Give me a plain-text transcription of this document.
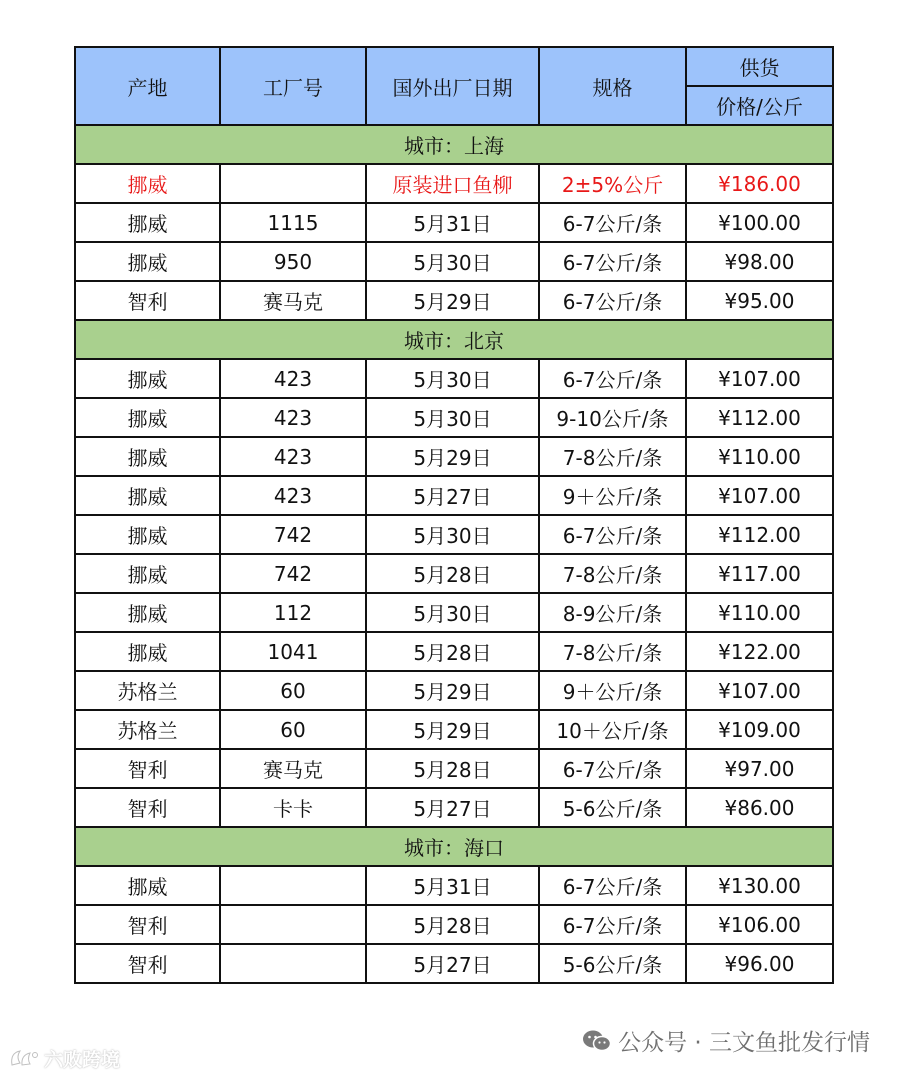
产地	工厂号	国外出厂日期	规格	供货
				价格/公斤
城市：上海				
挪威		原装进口鱼柳	2±5%公斤	¥186.00
挪威	1115	5月31日	6-7公斤/条	¥100.00
挪威	950	5月30日	6-7公斤/条	¥98.00
智利	赛马克	5月29日	6-7公斤/条	¥95.00
城市：北京				
挪威	423	5月30日	6-7公斤/条	¥107.00
挪威	423	5月30日	9-10公斤/条	¥112.00
挪威	423	5月29日	7-8公斤/条	¥110.00
挪威	423	5月27日	9＋公斤/条	¥107.00
挪威	742	5月30日	6-7公斤/条	¥112.00
挪威	742	5月28日	7-8公斤/条	¥117.00
挪威	112	5月30日	8-9公斤/条	¥110.00
挪威	1041	5月28日	7-8公斤/条	¥122.00
苏格兰	60	5月29日	9＋公斤/条	¥107.00
苏格兰	60	5月29日	10＋公斤/条	¥109.00
智利	赛马克	5月28日	6-7公斤/条	¥97.00
智利	卡卡	5月27日	5-6公斤/条	¥86.00
城市：海口				
挪威		5月31日	6-7公斤/条	¥130.00
智利		5月28日	6-7公斤/条	¥106.00
智利		5月27日	5-6公斤/条	¥96.00
公众号 · 三文鱼批发行情
六败跨境
